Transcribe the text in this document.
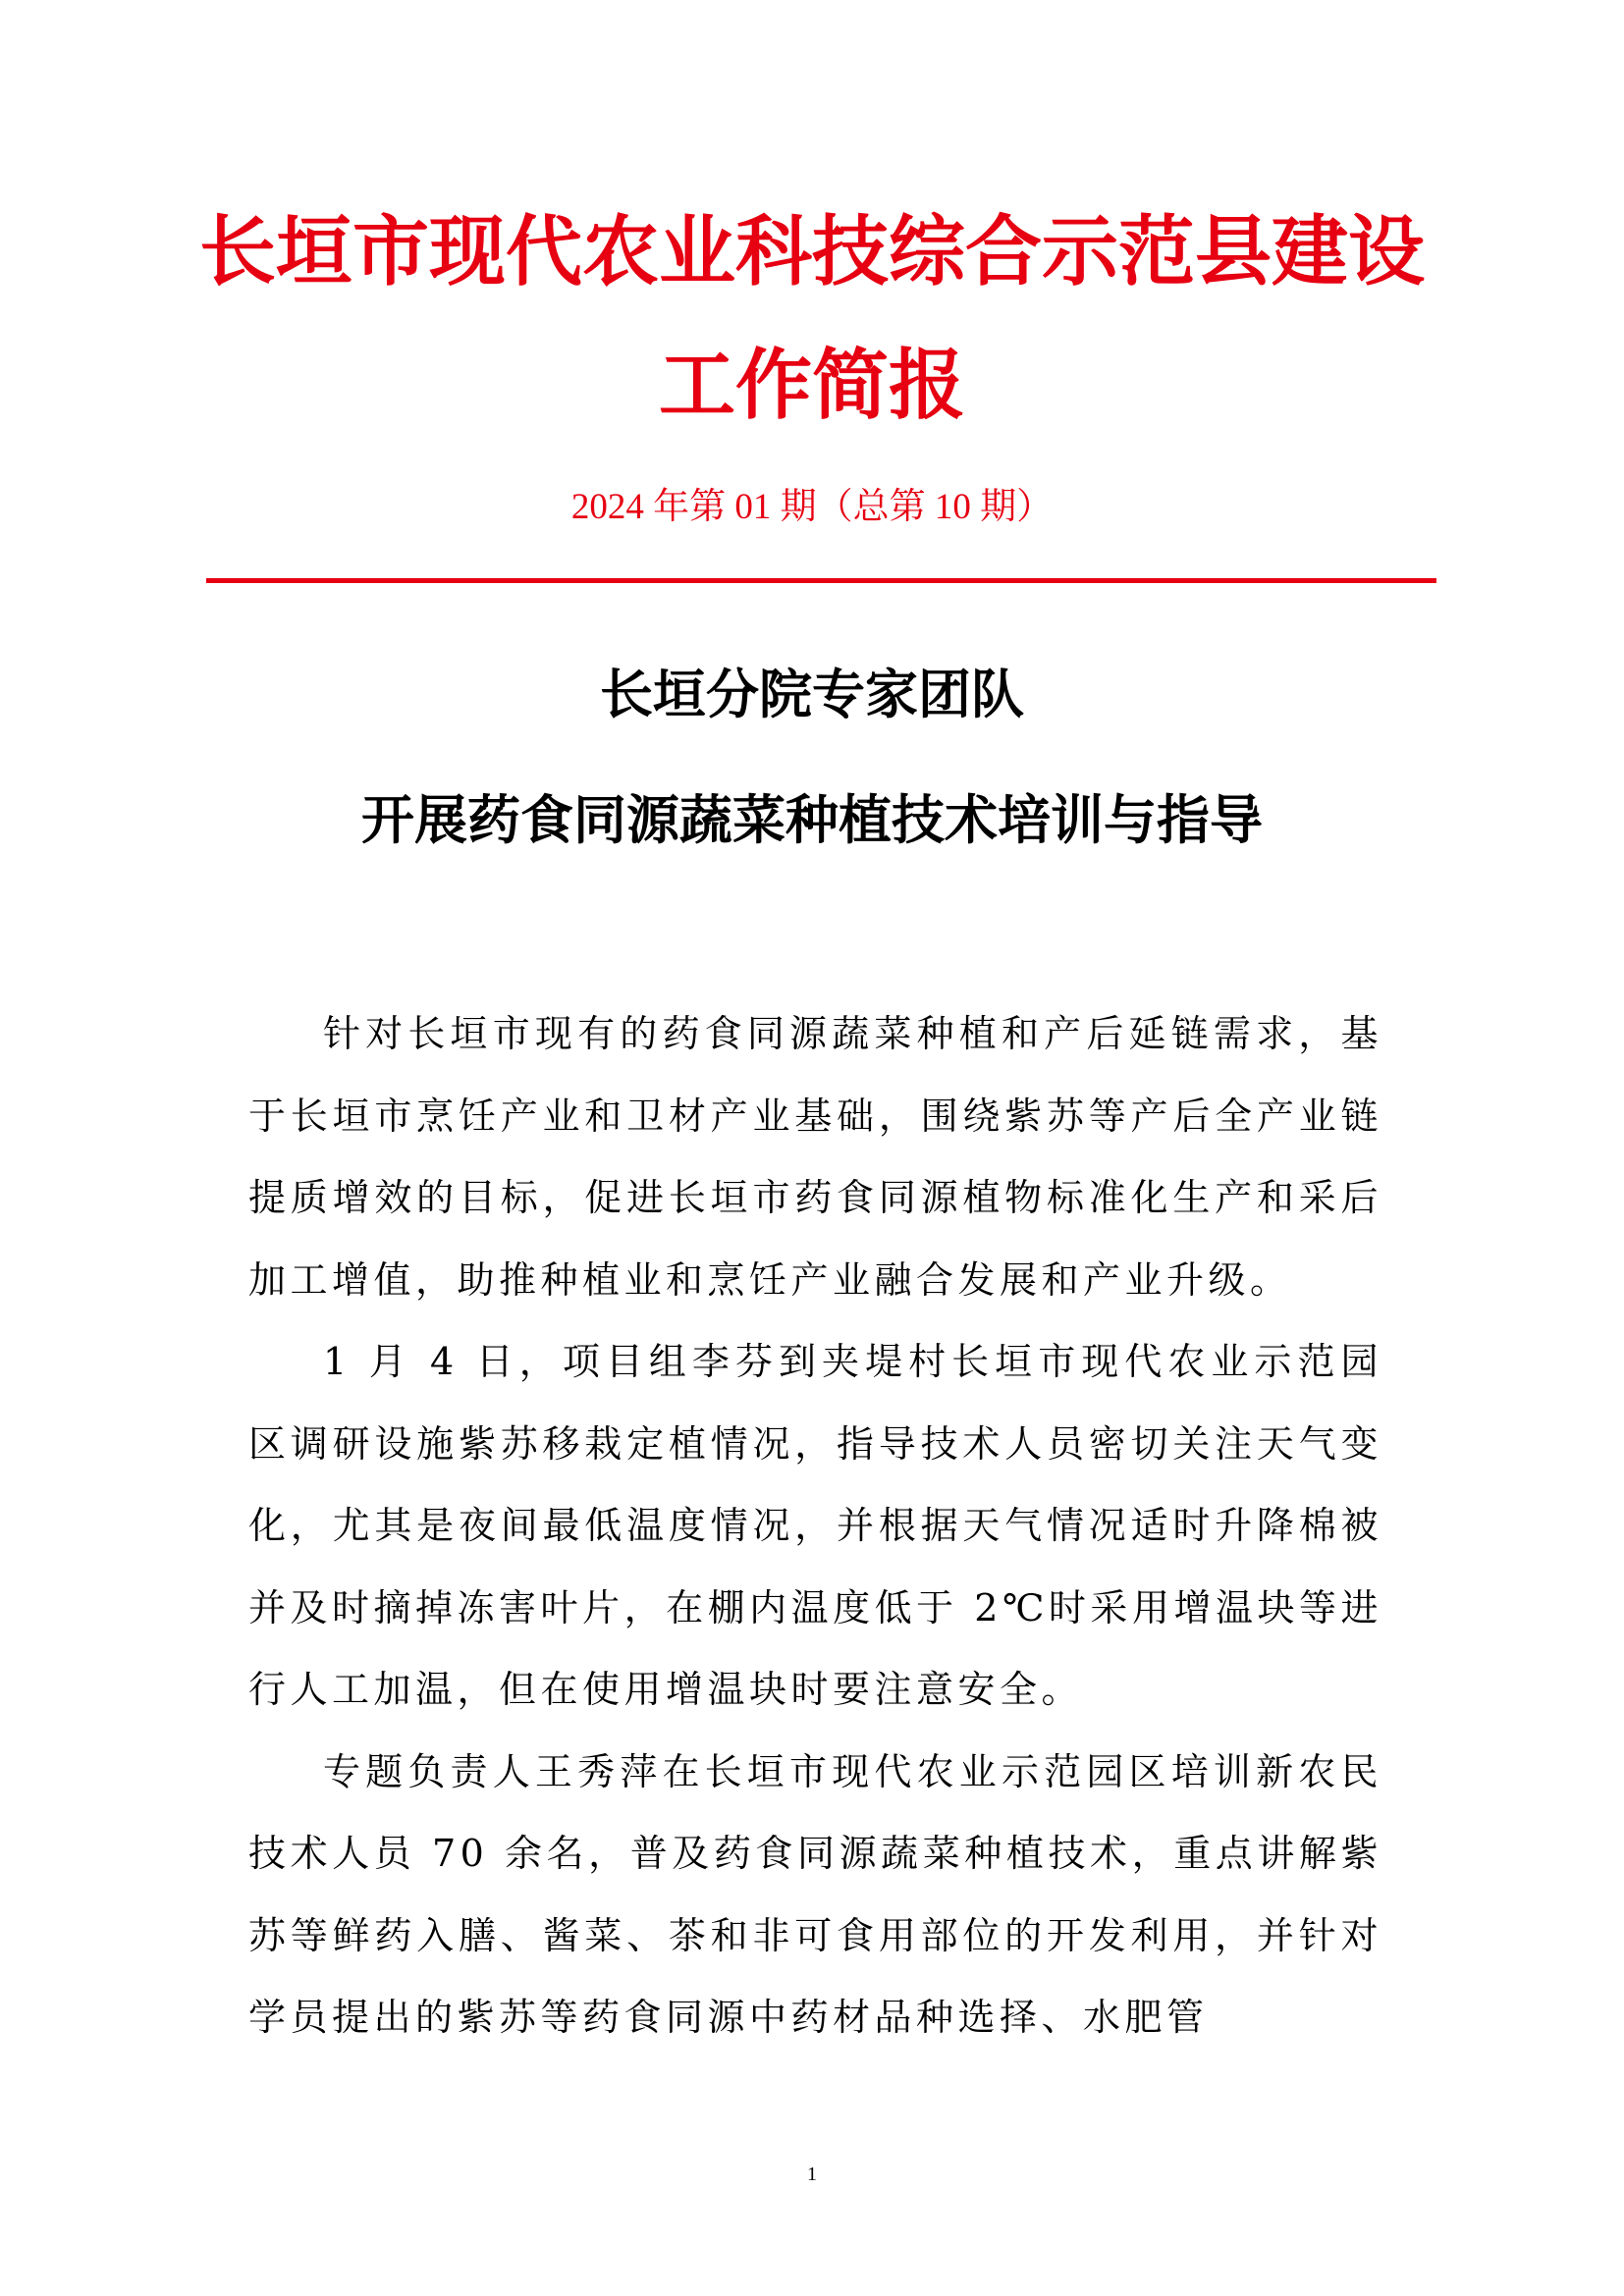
长垣市现代农业科技综合示范县建设
工作简报
2024 年第 01 期（总第 10 期）
长垣分院专家团队
开展药食同源蔬菜种植技术培训与指导

针对长垣市现有的药食同源蔬菜种植和产后延链需求，基于长垣市烹饪产业和卫材产业基础，围绕紫苏等产后全产业链提质增效的目标，促进长垣市药食同源植物标准化生产和采后加工增值，助推种植业和烹饪产业融合发展和产业升级。

1 月 4 日，项目组李芬到夹堤村长垣市现代农业示范园区调研设施紫苏移栽定植情况，指导技术人员密切关注天气变化，尤其是夜间最低温度情况，并根据天气情况适时升降棉被并及时摘掉冻害叶片，在棚内温度低于 2℃时采用增温块等进行人工加温，但在使用增温块时要注意安全。

专题负责人王秀萍在长垣市现代农业示范园区培训新农民技术人员 70 余名，普及药食同源蔬菜种植技术，重点讲解紫苏等鲜药入膳、酱菜、茶和非可食用部位的开发利用，并针对学员提出的紫苏等药食同源中药材品种选择、水肥管

1
